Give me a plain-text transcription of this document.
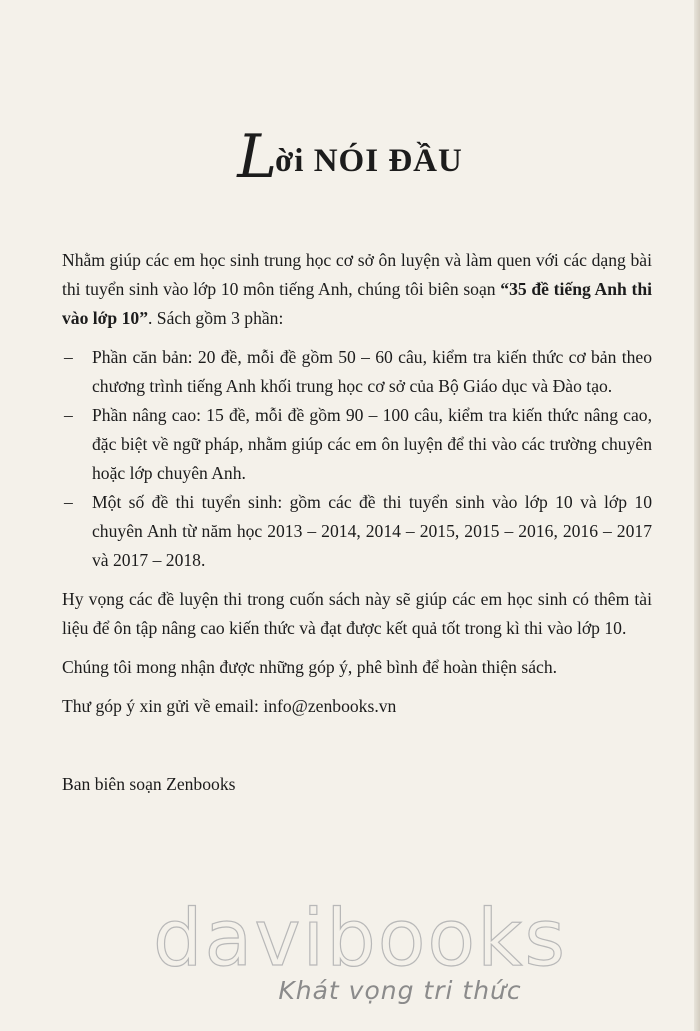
Lời NÓI ĐẦU

Nhằm giúp các em học sinh trung học cơ sở ôn luyện và làm quen với các dạng bài thi tuyển sinh vào lớp 10 môn tiếng Anh, chúng tôi biên soạn “35 đề tiếng Anh thi vào lớp 10”. Sách gồm 3 phần:

– Phần căn bản: 20 đề, mỗi đề gồm 50 – 60 câu, kiểm tra kiến thức cơ bản theo chương trình tiếng Anh khối trung học cơ sở của Bộ Giáo dục và Đào tạo.
– Phần nâng cao: 15 đề, mỗi đề gồm 90 – 100 câu, kiểm tra kiến thức nâng cao, đặc biệt về ngữ pháp, nhằm giúp các em ôn luyện để thi vào các trường chuyên hoặc lớp chuyên Anh.
– Một số đề thi tuyển sinh: gồm các đề thi tuyển sinh vào lớp 10 và lớp 10 chuyên Anh từ năm học 2013 – 2014, 2014 – 2015, 2015 – 2016, 2016 – 2017 và 2017 – 2018.

Hy vọng các đề luyện thi trong cuốn sách này sẽ giúp các em học sinh có thêm tài liệu để ôn tập nâng cao kiến thức và đạt được kết quả tốt trong kì thi vào lớp 10.

Chúng tôi mong nhận được những góp ý, phê bình để hoàn thiện sách.

Thư góp ý xin gửi về email: info@zenbooks.vn

Ban biên soạn Zenbooks
davibooks
Khát vọng tri thức
